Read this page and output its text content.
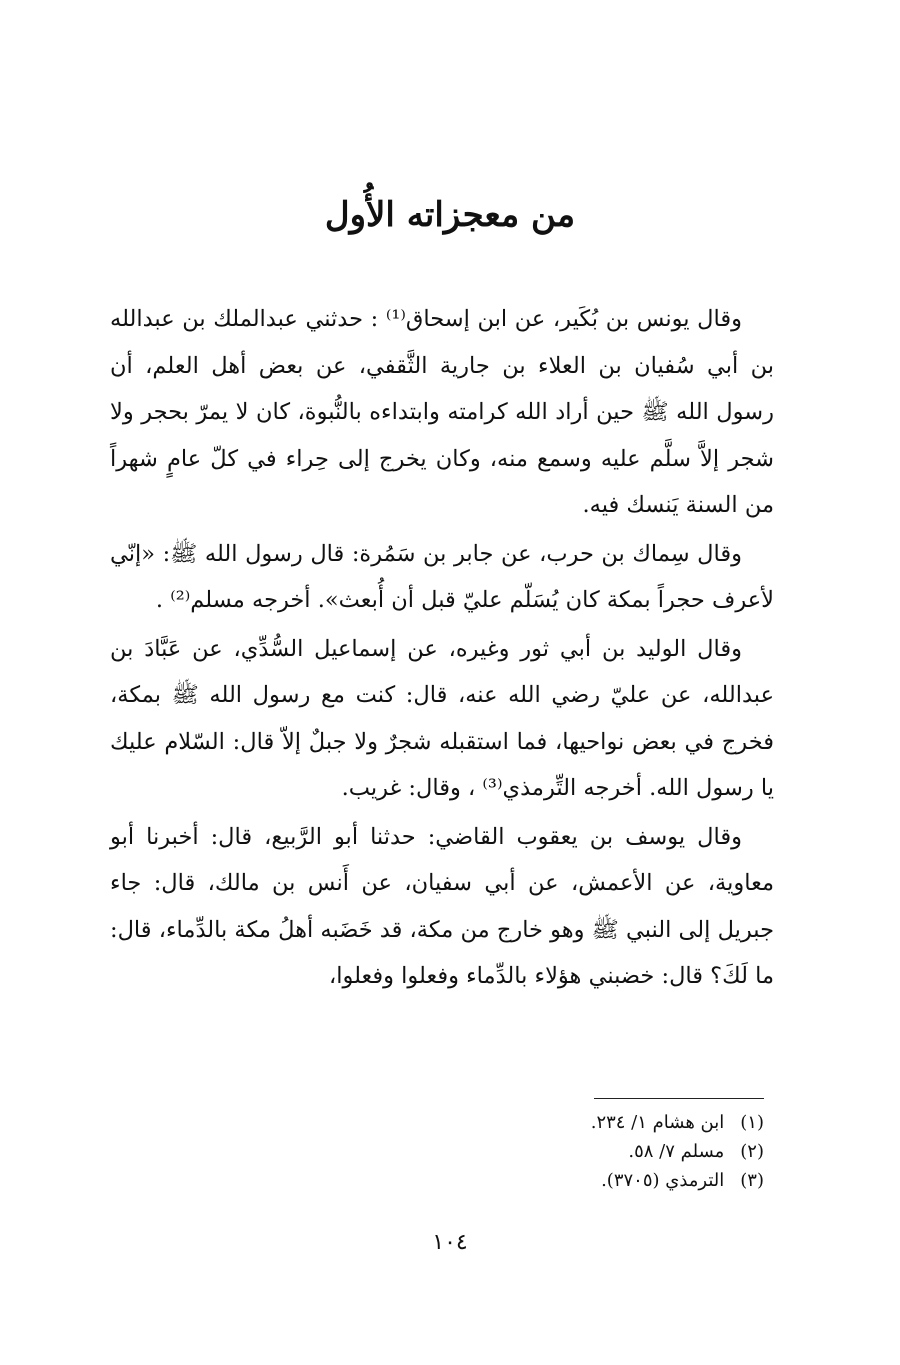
من معجزاته الأُول

وقال يونس بن بُكَير، عن ابن إسحاق⁽¹⁾ : حدثني عبدالملك بن عبدالله بن أبي سُفيان بن العلاء بن جارية الثَّقفي، عن بعض أهل العلم، أن رسول الله ﷺ حين أراد الله كرامته وابتداءه بالنُّبوة، كان لا يمرّ بحجر ولا شجر إلاَّ سلَّم عليه وسمع منه، وكان يخرج إلى حِراء في كلّ عامٍ شهراً من السنة يَنسك فيه.

وقال سِماك بن حرب، عن جابر بن سَمُرة: قال رسول الله ﷺ: «إنّي لأعرف حجراً بمكة كان يُسَلّم عليّ قبل أن أُبعث». أخرجه مسلم⁽²⁾ .

وقال الوليد بن أبي ثور وغيره، عن إسماعيل السُّدِّي، عن عَبَّادَ بن عبدالله، عن عليّ رضي الله عنه، قال: كنت مع رسول الله ﷺ بمكة، فخرج في بعض نواحيها، فما استقبله شجرٌ ولا جبلٌ إلاّ قال: السّلام عليك يا رسول الله. أخرجه التِّرمذي⁽³⁾ ، وقال: غريب.

وقال يوسف بن يعقوب القاضي: حدثنا أبو الرَّبيع، قال: أخبرنا أبو معاوية، عن الأعمش، عن أبي سفيان، عن أَنس بن مالك، قال: جاء جبريل إلى النبي ﷺ وهو خارج من مكة، قد خَضَبه أهلُ مكة بالدِّماء، قال: ما لَكَ؟ قال: خضبني هؤلاء بالدِّماء وفعلوا وفعلوا،

(١) ابن هشام ١/ ٢٣٤.
(٢) مسلم ٧/ ٥٨.
(٣) الترمذي (٣٧٠٥).
١٠٤
